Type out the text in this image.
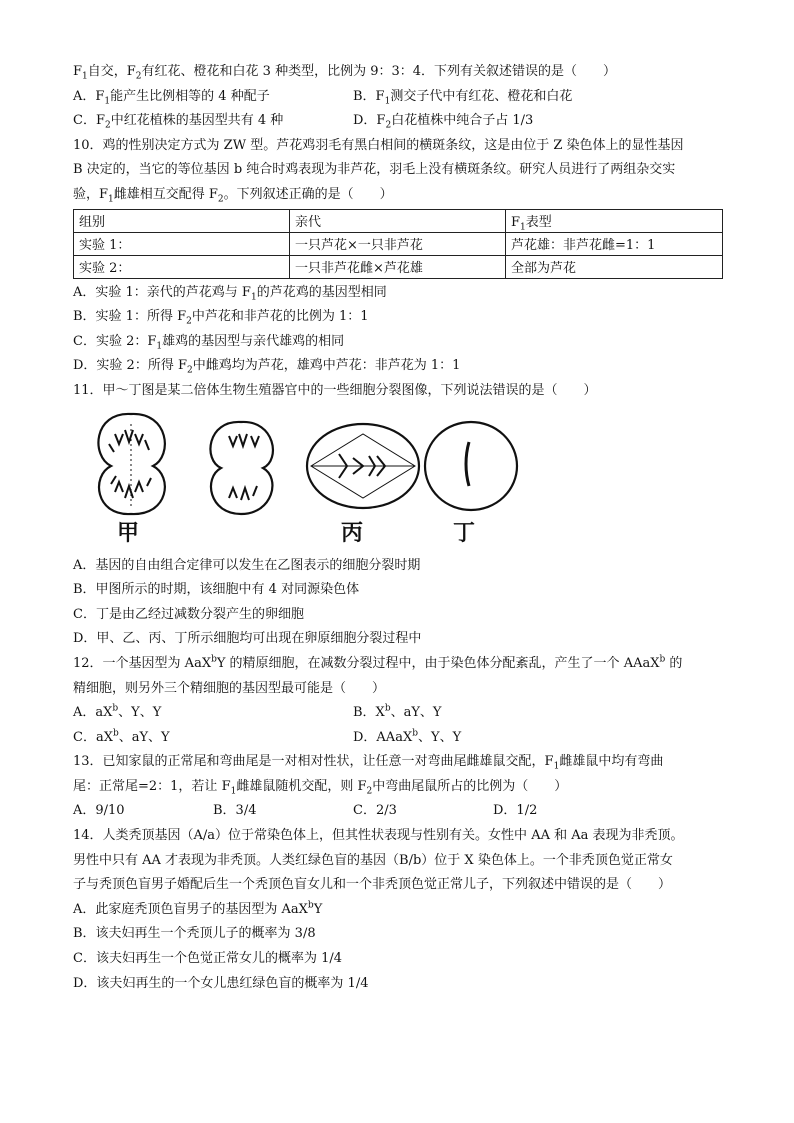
$F_1$自交，$F_2$有红花、橙花和白花 3 种类型，比例为 9：3：4．下列有关叙述错误的是（　　）
A．$F_1$能产生比例相等的 4 种配子	B．$F_1$测交子代中有红花、橙花和白花
C．$F_2$中红花植株的基因型共有 4 种	D．$F_2$白花植株中纯合子占 1/3
10．鸡的性别决定方式为 ZW 型。芦花鸡羽毛有黑白相间的横斑条纹，这是由位于 Z 染色体上的显性基因
B 决定的，当它的等位基因 b 纯合时鸡表现为非芦花，羽毛上没有横斑条纹。研究人员进行了两组杂交实
验，$F_1$雌雄相互交配得 $F_2$。下列叙述正确的是（　　）
组别	亲代	$F_1$表型
实验 1：	一只芦花×一只非芦花	芦花雄：非芦花雌=1：1
实验 2：	一只非芦花雌×芦花雄	全部为芦花
A．实验 1：亲代的芦花鸡与 $F_1$的芦花鸡的基因型相同
B．实验 1：所得 $F_2$中芦花和非芦花的比例为 1：1
C．实验 2：$F_1$雄鸡的基因型与亲代雄鸡的相同
D．实验 2：所得 $F_2$中雌鸡均为芦花，雄鸡中芦花：非芦花为 1：1
11．甲～丁图是某二倍体生物生殖器官中的一些细胞分裂图像，下列说法错误的是（　　）
甲	丙	丁
A．基因的自由组合定律可以发生在乙图表示的细胞分裂时期
B．甲图所示的时期，该细胞中有 4 对同源染色体
C．丁是由乙经过减数分裂产生的卵细胞
D．甲、乙、丙、丁所示细胞均可出现在卵原细胞分裂过程中
12．一个基因型为 AaX$^b$Y 的精原细胞，在减数分裂过程中，由于染色体分配紊乱，产生了一个 AAaX$^b$ 的
精细胞，则另外三个精细胞的基因型最可能是（　　）
A．$aX^b$、Y、Y	B．$X^b$、aY、Y
C．$aX^b$、aY、Y	D．AAaX$^b$、Y、Y
13．已知家鼠的正常尾和弯曲尾是一对相对性状，让任意一对弯曲尾雌雄鼠交配，$F_1$雌雄鼠中均有弯曲
尾：正常尾=2：1，若让 $F_1$雌雄鼠随机交配，则 $F_2$中弯曲尾鼠所占的比例为（　　）
A．9/10	B．3/4	C．2/3	D．1/2
14．人类秃顶基因（A/a）位于常染色体上，但其性状表现与性别有关。女性中 AA 和 Aa 表现为非秃顶。
男性中只有 AA 才表现为非秃顶。人类红绿色盲的基因（B/b）位于 X 染色体上。一个非秃顶色觉正常女
子与秃顶色盲男子婚配后生一个秃顶色盲女儿和一个非秃顶色觉正常儿子，下列叙述中错误的是（　　）
A．此家庭秃顶色盲男子的基因型为 AaX$^b$Y
B．该夫妇再生一个秃顶儿子的概率为 3/8
C．该夫妇再生一个色觉正常女儿的概率为 1/4
D．该夫妇再生的一个女儿患红绿色盲的概率为 1/4
